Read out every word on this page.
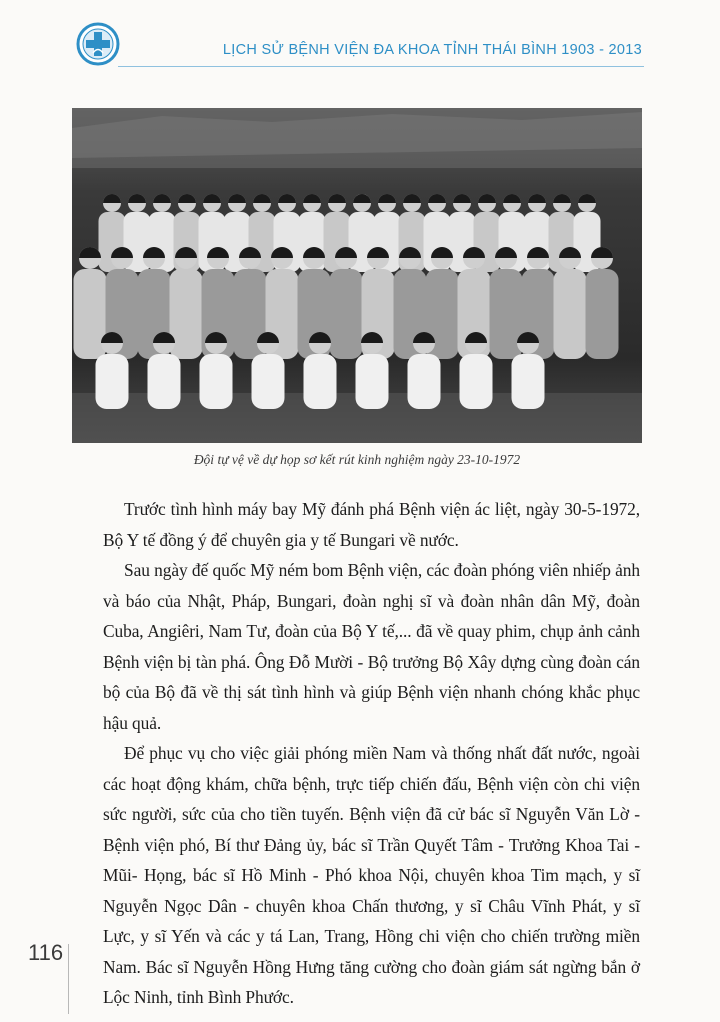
LỊCH SỬ BỆNH VIỆN ĐA KHOA TỈNH THÁI BÌNH 1903 - 2013
Đội tự vệ về dự họp sơ kết rút kinh nghiệm ngày 23-10-1972

Trước tình hình máy bay Mỹ đánh phá Bệnh viện ác liệt, ngày 30-5-1972, Bộ Y tế đồng ý để chuyên gia y tế Bungari về nước.

Sau ngày đế quốc Mỹ ném bom Bệnh viện, các đoàn phóng viên nhiếp ảnh và báo của Nhật, Pháp, Bungari, đoàn nghị sĩ và đoàn nhân dân Mỹ, đoàn Cuba, Angiêri, Nam Tư, đoàn của Bộ Y tế,... đã về quay phim, chụp ảnh cảnh Bệnh viện bị tàn phá. Ông Đỗ Mười - Bộ trưởng Bộ Xây dựng cùng đoàn cán bộ của Bộ đã về thị sát tình hình và giúp Bệnh viện nhanh chóng khắc phục hậu quả.

Để phục vụ cho việc giải phóng miền Nam và thống nhất đất nước, ngoài các hoạt động khám, chữa bệnh, trực tiếp chiến đấu, Bệnh viện còn chi viện sức người, sức của cho tiền tuyến. Bệnh viện đã cử bác sĩ Nguyễn Văn Lờ - Bệnh viện phó, Bí thư Đảng ủy, bác sĩ Trần Quyết Tâm - Trưởng Khoa Tai - Mũi- Họng, bác sĩ Hồ Minh - Phó khoa Nội, chuyên khoa Tim mạch, y sĩ Nguyễn Ngọc Dân - chuyên khoa Chấn thương, y sĩ Châu Vĩnh Phát, y sĩ Lực, y sĩ Yến và các y tá Lan, Trang, Hồng chi viện cho chiến trường miền Nam. Bác sĩ Nguyễn Hồng Hưng tăng cường cho đoàn giám sát ngừng bắn ở Lộc Ninh, tỉnh Bình Phước.

116
